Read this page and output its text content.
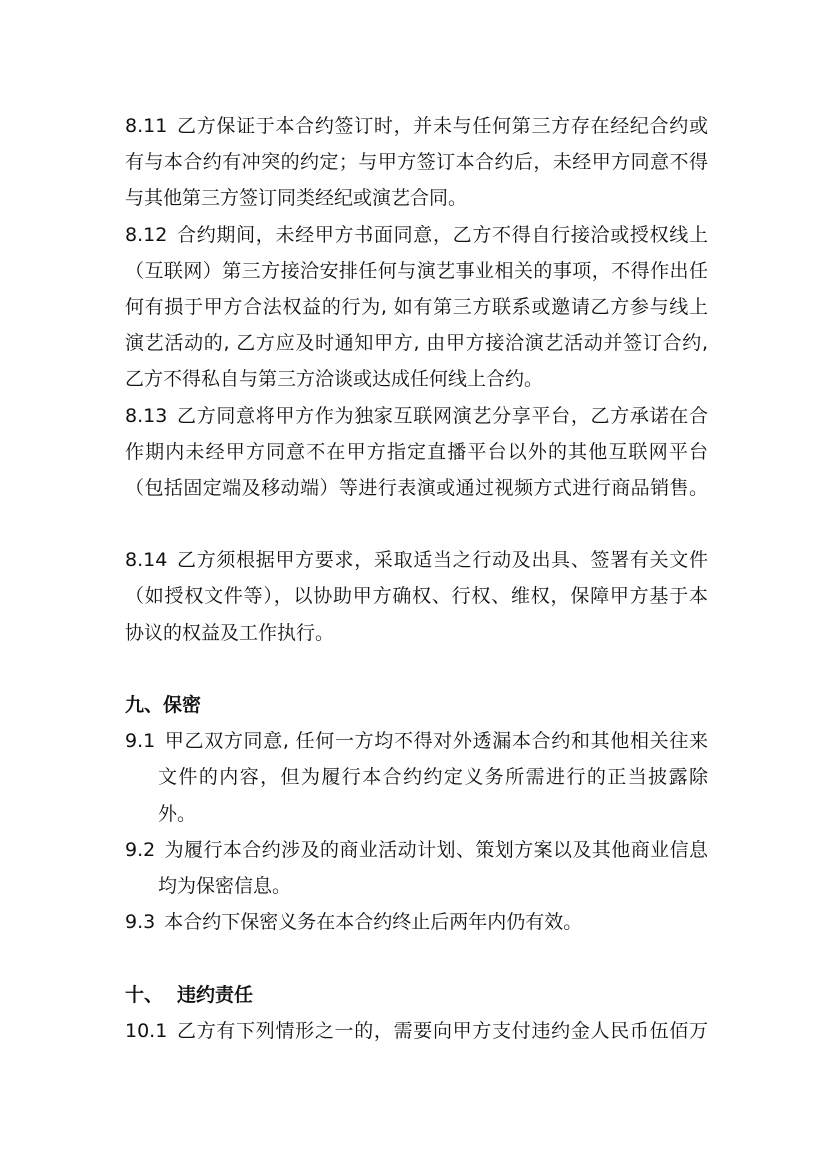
8.11 乙方保证于本合约签订时，并未与任何第三方存在经纪合约或
有与本合约有冲突的约定；与甲方签订本合约后，未经甲方同意不得
与其他第三方签订同类经纪或演艺合同。
8.12 合约期间，未经甲方书面同意，乙方不得自行接洽或授权线上
（互联网）第三方接洽安排任何与演艺事业相关的事项，不得作出任
何有损于甲方合法权益的行为, 如有第三方联系或邀请乙方参与线上
演艺活动的, 乙方应及时通知甲方, 由甲方接洽演艺活动并签订合约,
乙方不得私自与第三方洽谈或达成任何线上合约。
8.13 乙方同意将甲方作为独家互联网演艺分享平台，乙方承诺在合
作期内未经甲方同意不在甲方指定直播平台以外的其他互联网平台
（包括固定端及移动端）等进行表演或通过视频方式进行商品销售。
8.14 乙方须根据甲方要求，采取适当之行动及出具、签署有关文件
（如授权文件等），以协助甲方确权、行权、维权，保障甲方基于本
协议的权益及工作执行。
九、保密
9.1 甲乙双方同意, 任何一方均不得对外透漏本合约和其他相关往来
文件的内容，但为履行本合约约定义务所需进行的正当披露除
外。
9.2 为履行本合约涉及的商业活动计划、策划方案以及其他商业信息
均为保密信息。
9.3 本合约下保密义务在本合约终止后两年内仍有效。
十、 违约责任
10.1 乙方有下列情形之一的，需要向甲方支付违约金人民币伍佰万
